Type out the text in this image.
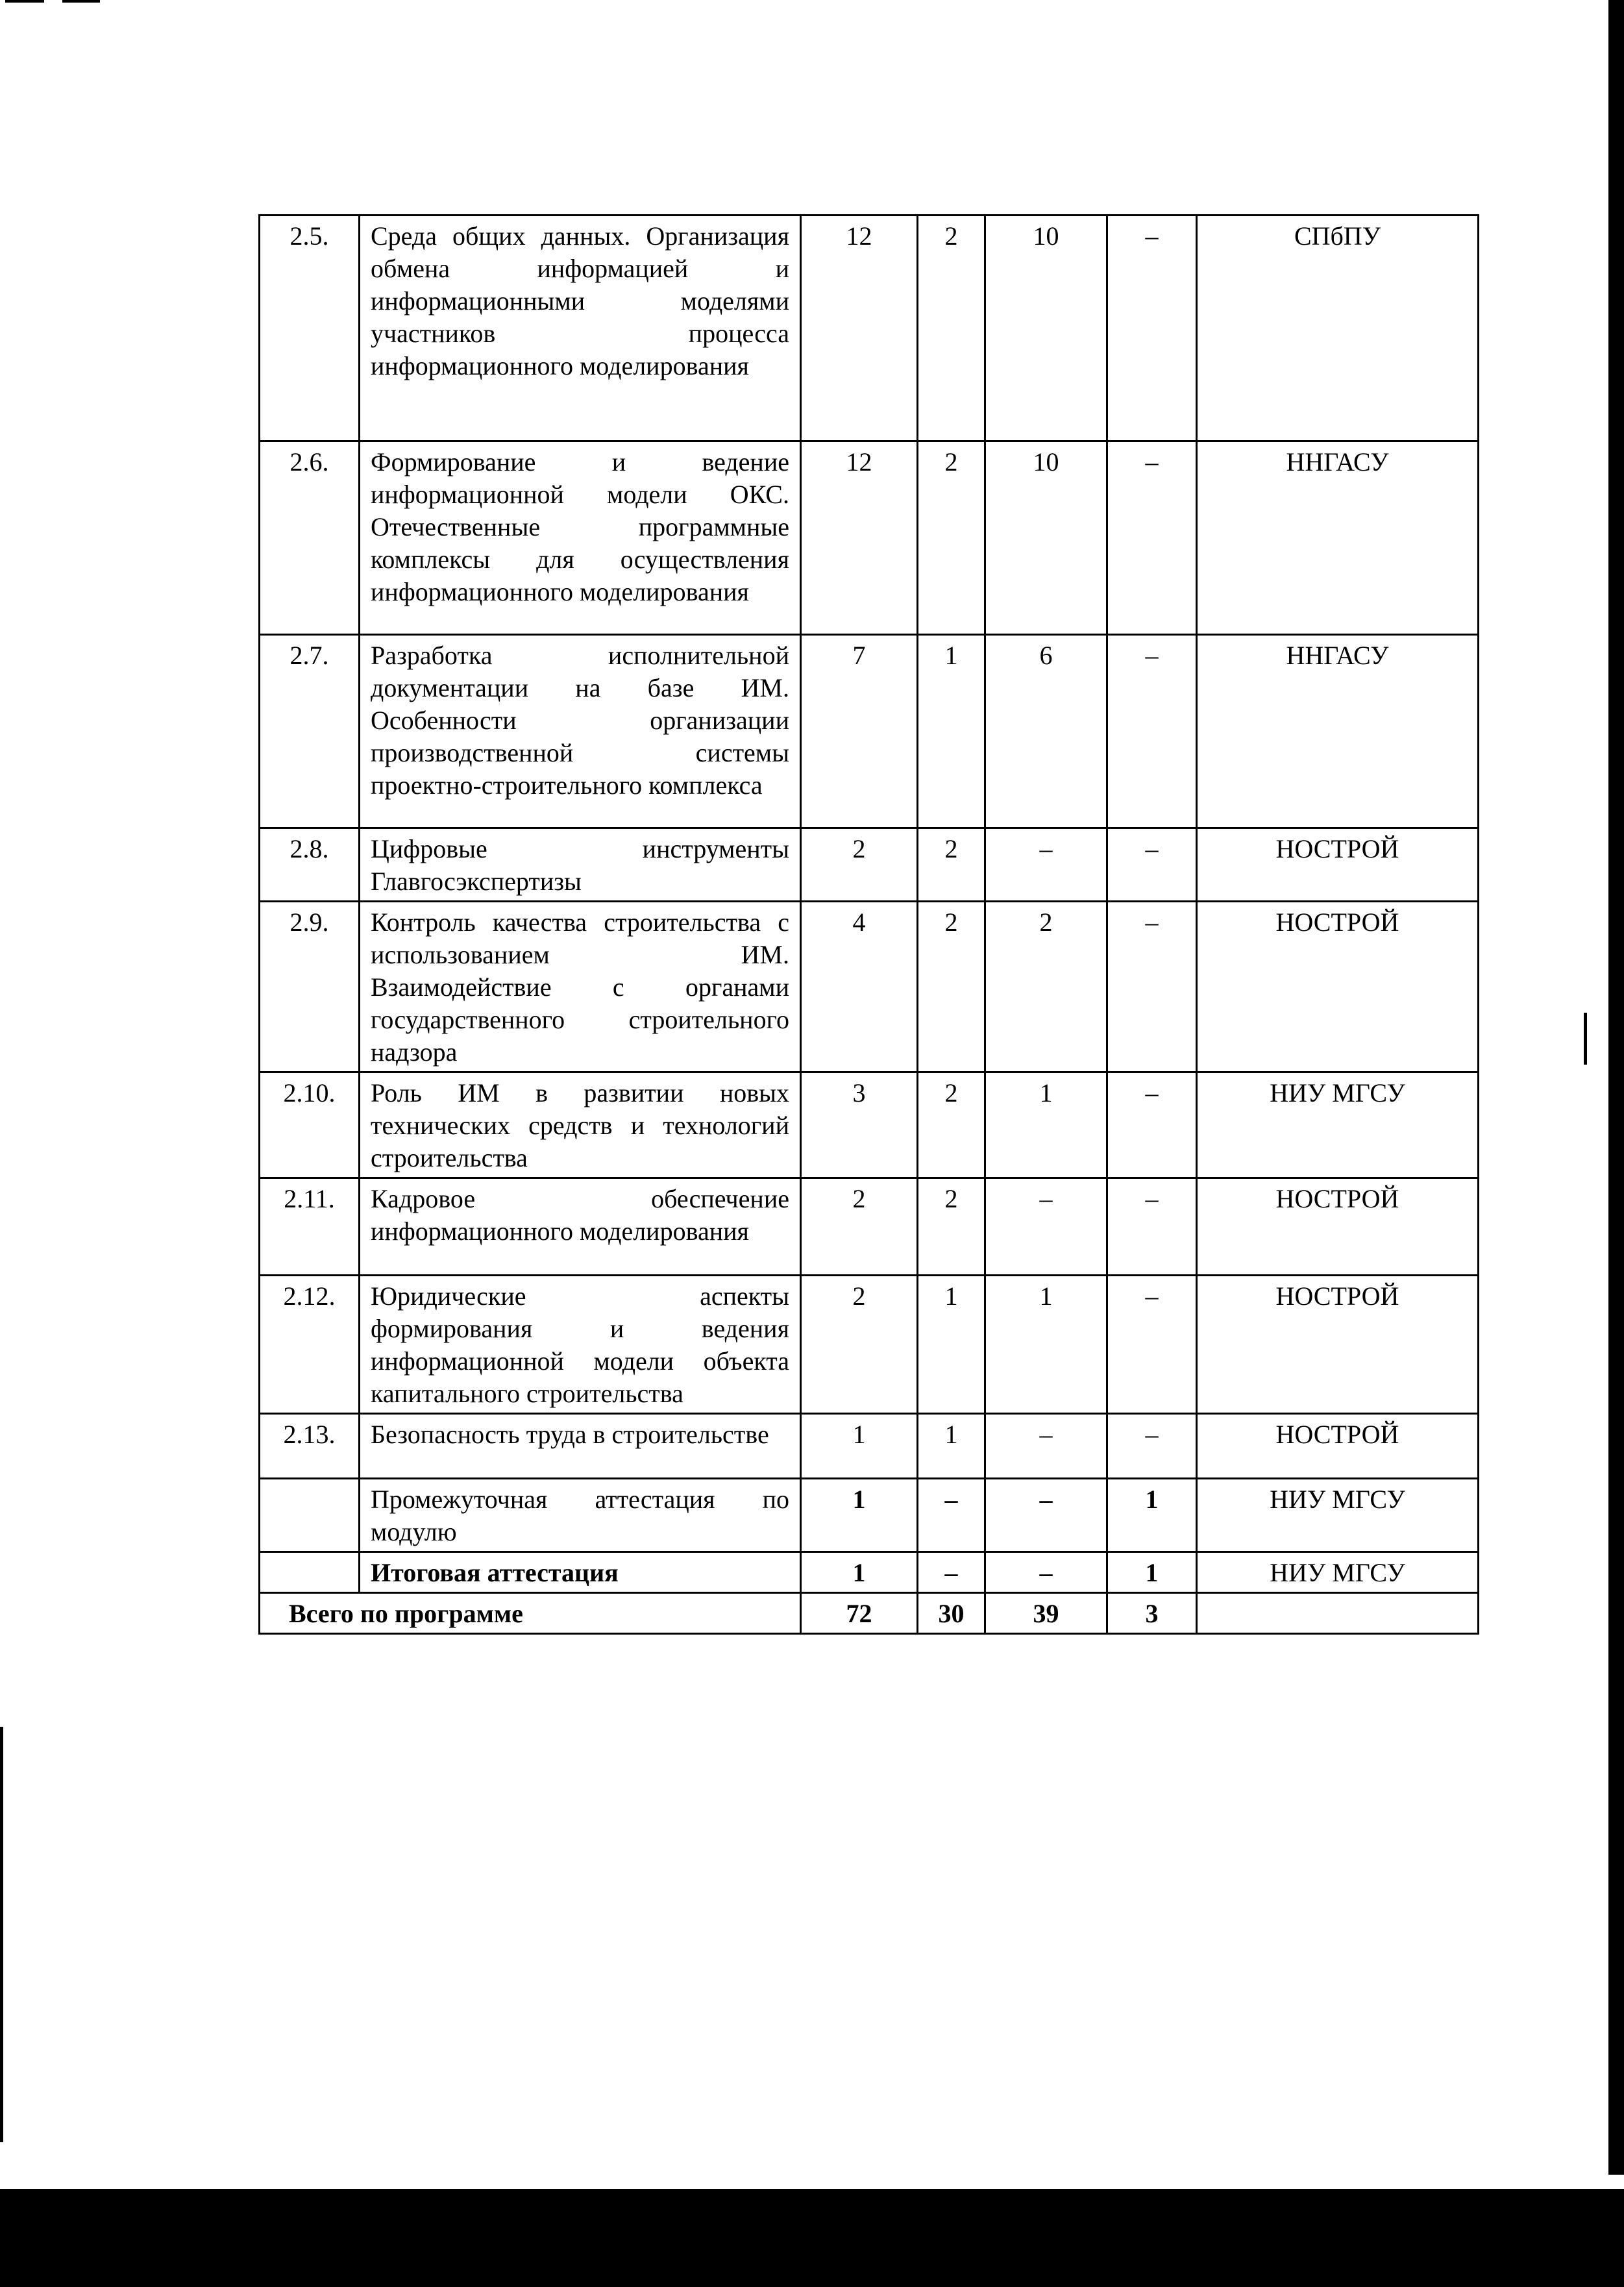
2.5.	Среда общих данных. Организация обмена информацией и информационными моделями участников процесса информационного моделирования	12	2	10	–	СПбПУ
2.6.	Формирование и ведение информационной модели ОКС. Отечественные программные комплексы для осуществления информационного моделирования	12	2	10	–	ННГАСУ
2.7.	Разработка исполнительной документации на базе ИМ. Особенности организации производственной системы проектно-строительного комплекса	7	1	6	–	ННГАСУ
2.8.	Цифровые инструменты Главгосэкспертизы	2	2	–	–	НОСТРОЙ
2.9.	Контроль качества строительства с использованием ИМ. Взаимодействие с органами государственного строительного надзора	4	2	2	–	НОСТРОЙ
2.10.	Роль ИМ в развитии новых технических средств и технологий строительства	3	2	1	–	НИУ МГСУ
2.11.	Кадровое обеспечение информационного моделирования	2	2	–	–	НОСТРОЙ
2.12.	Юридические аспекты формирования и ведения информационной модели объекта капитального строительства	2	1	1	–	НОСТРОЙ
2.13.	Безопасность труда в строительстве	1	1	–	–	НОСТРОЙ
	Промежуточная аттестация по модулю	1	–	–	1	НИУ МГСУ
	Итоговая аттестация	1	–	–	1	НИУ МГСУ
Всего по программе		72	30	39	3	
